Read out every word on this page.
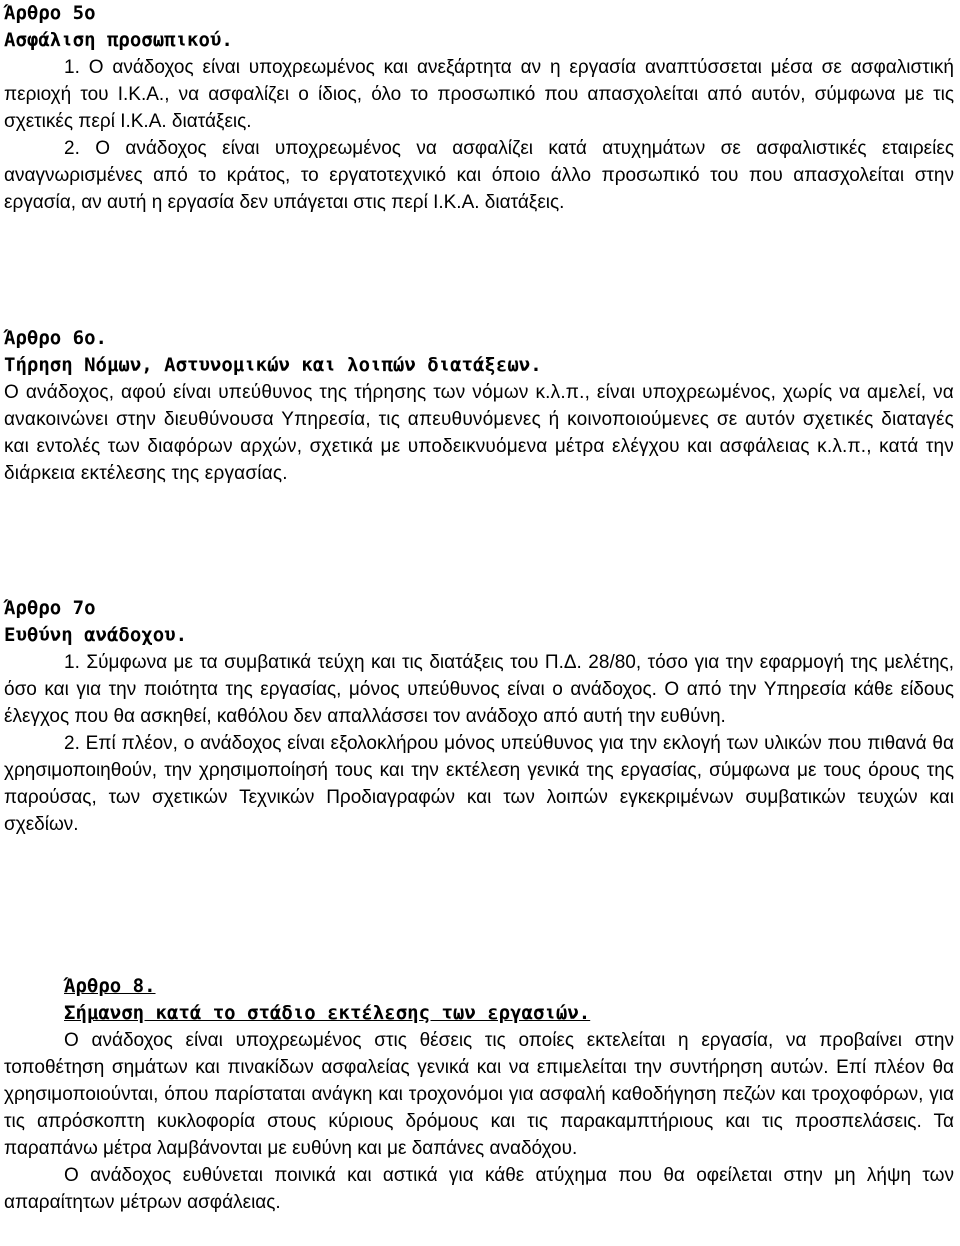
Άρθρο 5ο

Ασφάλιση προσωπικού.

1. Ο ανάδοχος είναι υποχρεωμένος και ανεξάρτητα αν η εργασία αναπτύσσεται μέσα σε ασφαλιστική περιοχή του Ι.Κ.Α., να ασφαλίζει ο ίδιος, όλο το προσωπικό που απασχολείται από αυτόν, σύμφωνα με τις σχετικές περί Ι.Κ.Α. διατάξεις.

2. Ο ανάδοχος είναι υποχρεωμένος να ασφαλίζει κατά ατυχημάτων σε ασφαλιστικές εταιρείες αναγνωρισμένες από το κράτος, το εργατοτεχνικό και όποιο άλλο προσωπικό του που απασχολείται στην εργασία, αν αυτή η εργασία δεν υπάγεται στις περί Ι.Κ.Α. διατάξεις.

Άρθρο 6ο.

Τήρηση Νόμων, Αστυνομικών και λοιπών διατάξεων.

Ο ανάδοχος, αφού είναι υπεύθυνος της τήρησης των νόμων κ.λ.π., είναι υποχρεωμένος, χωρίς να αμελεί, να ανακοινώνει στην διευθύνουσα Υπηρεσία, τις απευθυνόμενες ή κοινοποιούμενες σε αυτόν σχετικές διαταγές και εντολές των διαφόρων αρχών, σχετικά με υποδεικνυόμενα μέτρα ελέγχου και ασφάλειας κ.λ.π., κατά την διάρκεια εκτέλεσης της εργασίας.

Άρθρο 7ο

Ευθύνη ανάδοχου.

1. Σύμφωνα με τα συμβατικά τεύχη και τις διατάξεις του Π.Δ. 28/80, τόσο για την εφαρμογή της μελέτης, όσο και για την ποιότητα της εργασίας, μόνος υπεύθυνος είναι ο ανάδοχος. Ο από την Υπηρεσία κάθε είδους έλεγχος που θα ασκηθεί, καθόλου δεν απαλλάσσει τον ανάδοχο από αυτή την ευθύνη.

2. Επί πλέον, ο ανάδοχος είναι εξολοκλήρου μόνος υπεύθυνος για την εκλογή των υλικών που πιθανά θα χρησιμοποιηθούν, την χρησιμοποίησή τους και την εκτέλεση γενικά της εργασίας, σύμφωνα με τους όρους της παρούσας, των σχετικών Τεχνικών Προδιαγραφών και των λοιπών εγκεκριμένων συμβατικών τευχών και σχεδίων.

Άρθρο 8.

Σήμανση κατά το στάδιο εκτέλεσης των εργασιών.

Ο ανάδοχος είναι υποχρεωμένος στις θέσεις τις οποίες εκτελείται η εργασία, να προβαίνει στην τοποθέτηση σημάτων και πινακίδων ασφαλείας γενικά και να επιμελείται την συντήρηση αυτών. Επί πλέον θα χρησιμοποιούνται, όπου παρίσταται ανάγκη και τροχονόμοι για ασφαλή καθοδήγηση πεζών και τροχοφόρων, για τις απρόσκοπτη κυκλοφορία στους κύριους δρόμους και τις παρακαμπτήριους και τις προσπελάσεις. Τα παραπάνω μέτρα λαμβάνονται με ευθύνη και με δαπάνες αναδόχου.

Ο ανάδοχος ευθύνεται ποινικά και αστικά για κάθε ατύχημα που θα οφείλεται στην μη λήψη των απαραίτητων μέτρων ασφάλειας.
